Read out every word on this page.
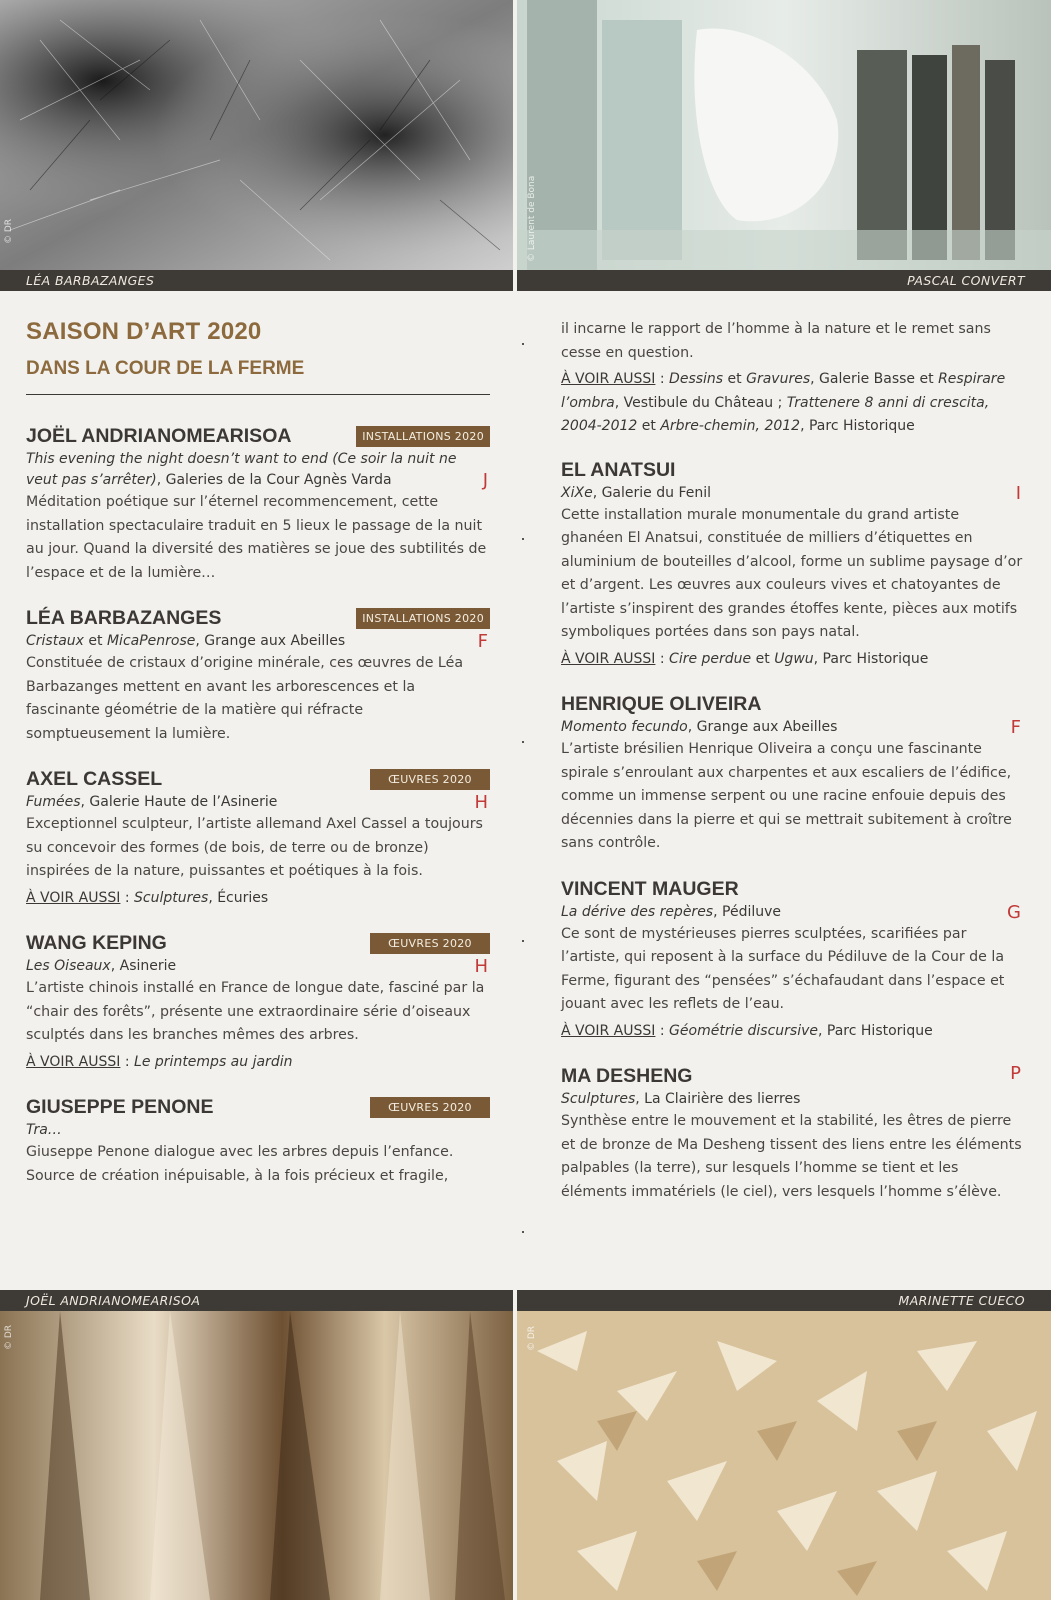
© Laurent de Bona
© DR
LÉA BARBAZANGES	PASCAL CONVERT
SAISON D’ART 2020
DANS LA COUR DE LA FERME
JOËL ANDRIANOMEARISOA	INSTALLATIONS 2020
This evening the night doesn’t want to end (Ce soir la nuit ne veut pas s’arrêter), Galeries de la Cour Agnès Varda	J
Méditation poétique sur l’éternel recommencement, cette installation spectaculaire traduit en 5 lieux le passage de la nuit au jour. Quand la diversité des matières se joue des subtilités de l’espace et de la lumière…
LÉA BARBAZANGES	INSTALLATIONS 2020
Cristaux et MicaPenrose, Grange aux Abeilles	F
Constituée de cristaux d’origine minérale, ces œuvres de Léa Barbazanges mettent en avant les arborescences et la fascinante géométrie de la matière qui réfracte somptueusement la lumière.
AXEL CASSEL	ŒUVRES 2020
Fumées, Galerie Haute de l’Asinerie	H
Exceptionnel sculpteur, l’artiste allemand Axel Cassel a toujours su concevoir des formes (de bois, de terre ou de bronze) inspirées de la nature, puissantes et poétiques à la fois.
À VOIR AUSSI : Sculptures, Écuries
WANG KEPING	ŒUVRES 2020
Les Oiseaux, Asinerie	H
L’artiste chinois installé en France de longue date, fasciné par la “chair des forêts”, présente une extraordinaire série d’oiseaux sculptés dans les branches mêmes des arbres.
À VOIR AUSSI : Le printemps au jardin
GIUSEPPE PENONE	ŒUVRES 2020
Tra…
Giuseppe Penone dialogue avec les arbres depuis l’enfance. Source de création inépuisable, à la fois précieux et fragile,
il incarne le rapport de l’homme à la nature et le remet sans cesse en question.
À VOIR AUSSI : Dessins et Gravures, Galerie Basse et Respirare l’ombra, Vestibule du Château ; Trattenere 8 anni di crescita, 2004-2012 et Arbre-chemin, 2012, Parc Historique
EL ANATSUI
XiXe, Galerie du Fenil	I
Cette installation murale monumentale du grand artiste ghanéen El Anatsui, constituée de milliers d’étiquettes en aluminium de bouteilles d’alcool, forme un sublime paysage d’or et d’argent. Les œuvres aux couleurs vives et chatoyantes de l’artiste s’inspirent des grandes étoffes kente, pièces aux motifs symboliques portées dans son pays natal.
À VOIR AUSSI : Cire perdue et Ugwu, Parc Historique
HENRIQUE OLIVEIRA
Momento fecundo, Grange aux Abeilles	F
L’artiste brésilien Henrique Oliveira a conçu une fascinante spirale s’enroulant aux charpentes et aux escaliers de l’édifice, comme un immense serpent ou une racine enfouie depuis des décennies dans la pierre et qui se mettrait subitement à croître sans contrôle.
VINCENT MAUGER
La dérive des repères, Pédiluve	G
Ce sont de mystérieuses pierres sculptées, scarifiées par l’artiste, qui reposent à la surface du Pédiluve de la Cour de la Ferme, figurant des “pensées” s’échafaudant dans l’espace et jouant avec les reflets de l’eau.
À VOIR AUSSI : Géométrie discursive, Parc Historique
MA DESHENG	P
Sculptures, La Clairière des lierres
Synthèse entre le mouvement et la stabilité, les êtres de pierre et de bronze de Ma Desheng tissent des liens entre les éléments palpables (la terre), sur lesquels l’homme se tient et les éléments immatériels (le ciel), vers lesquels l’homme s’élève.
JOËL ANDRIANOMEARISOA	MARINETTE CUECO
© DR
© DR
